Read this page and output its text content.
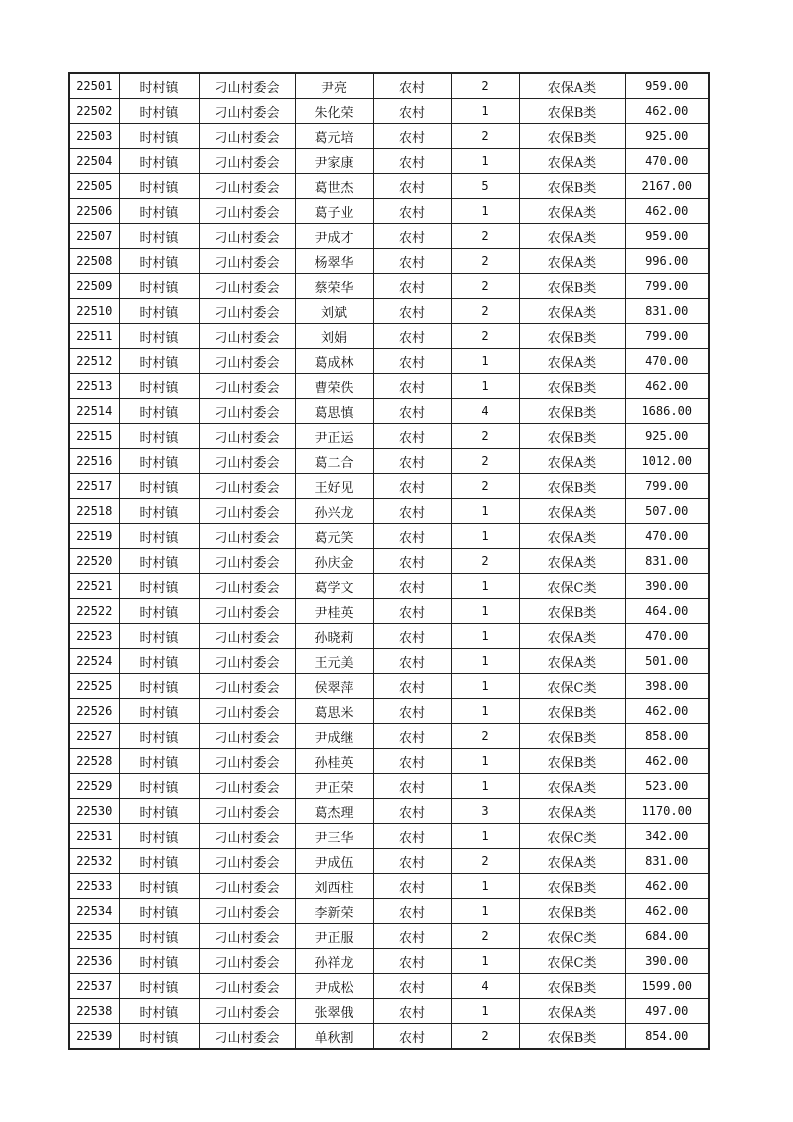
22501	时村镇	刁山村委会	尹亮	农村	2	农保A类	959.00
22502	时村镇	刁山村委会	朱化荣	农村	1	农保B类	462.00
22503	时村镇	刁山村委会	葛元培	农村	2	农保B类	925.00
22504	时村镇	刁山村委会	尹家康	农村	1	农保A类	470.00
22505	时村镇	刁山村委会	葛世杰	农村	5	农保B类	2167.00
22506	时村镇	刁山村委会	葛子业	农村	1	农保A类	462.00
22507	时村镇	刁山村委会	尹成才	农村	2	农保A类	959.00
22508	时村镇	刁山村委会	杨翠华	农村	2	农保A类	996.00
22509	时村镇	刁山村委会	蔡荣华	农村	2	农保B类	799.00
22510	时村镇	刁山村委会	刘斌	农村	2	农保A类	831.00
22511	时村镇	刁山村委会	刘娟	农村	2	农保B类	799.00
22512	时村镇	刁山村委会	葛成林	农村	1	农保A类	470.00
22513	时村镇	刁山村委会	曹荣佚	农村	1	农保B类	462.00
22514	时村镇	刁山村委会	葛思慎	农村	4	农保B类	1686.00
22515	时村镇	刁山村委会	尹正运	农村	2	农保B类	925.00
22516	时村镇	刁山村委会	葛二合	农村	2	农保A类	1012.00
22517	时村镇	刁山村委会	王好见	农村	2	农保B类	799.00
22518	时村镇	刁山村委会	孙兴龙	农村	1	农保A类	507.00
22519	时村镇	刁山村委会	葛元笑	农村	1	农保A类	470.00
22520	时村镇	刁山村委会	孙庆金	农村	2	农保A类	831.00
22521	时村镇	刁山村委会	葛学文	农村	1	农保C类	390.00
22522	时村镇	刁山村委会	尹桂英	农村	1	农保B类	464.00
22523	时村镇	刁山村委会	孙晓莉	农村	1	农保A类	470.00
22524	时村镇	刁山村委会	王元美	农村	1	农保A类	501.00
22525	时村镇	刁山村委会	侯翠萍	农村	1	农保C类	398.00
22526	时村镇	刁山村委会	葛思米	农村	1	农保B类	462.00
22527	时村镇	刁山村委会	尹成继	农村	2	农保B类	858.00
22528	时村镇	刁山村委会	孙桂英	农村	1	农保B类	462.00
22529	时村镇	刁山村委会	尹正荣	农村	1	农保A类	523.00
22530	时村镇	刁山村委会	葛杰理	农村	3	农保A类	1170.00
22531	时村镇	刁山村委会	尹三华	农村	1	农保C类	342.00
22532	时村镇	刁山村委会	尹成伍	农村	2	农保A类	831.00
22533	时村镇	刁山村委会	刘西柱	农村	1	农保B类	462.00
22534	时村镇	刁山村委会	李新荣	农村	1	农保B类	462.00
22535	时村镇	刁山村委会	尹正服	农村	2	农保C类	684.00
22536	时村镇	刁山村委会	孙祥龙	农村	1	农保C类	390.00
22537	时村镇	刁山村委会	尹成松	农村	4	农保B类	1599.00
22538	时村镇	刁山村委会	张翠俄	农村	1	农保A类	497.00
22539	时村镇	刁山村委会	单秋割	农村	2	农保B类	854.00
